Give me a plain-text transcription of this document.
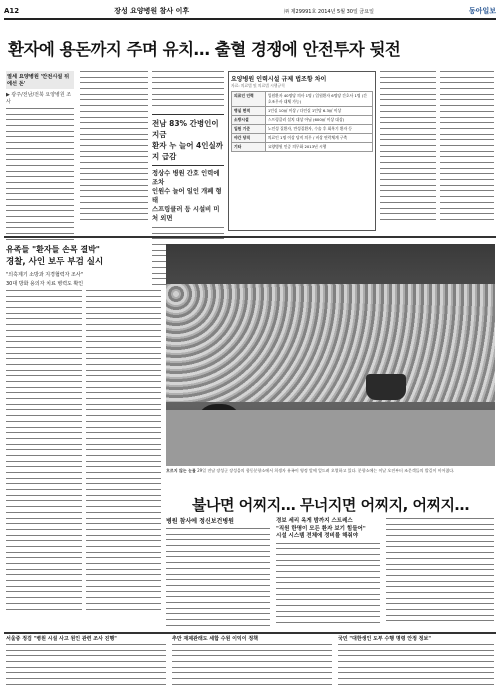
A12	장성 요양병원 참사 이후	㈜ 제29991호 2014년 5월 30일 금요일	동아일보
환자에 용돈까지 주며 유치… 출혈 경쟁에 안전투자 뒷전
열세 요양병원 '안전시설 뒤에선 돈'
▶ 광주/전남/전북 요양병원 조사
전남 83% 간병인이 지금
환자 누 늘어 4인실까지 급감
정상수 병원 간호 인력에 조차
인원수 늘어 일인 개폐 형태
스프링클러 등 시설비 미처 외면
요양병원 인력시설 규제 법조항 차이
자료: 의료법 및 의료법 시행규칙
의료인 인력	입원환자 40명당 의사 1명 / 입원환자 6명당 간호사 1명 (간호조무사 대체 가능)
병실 면적	1인실 10㎡ 이상 / 다인실 1인당 6.3㎡ 이상
소방시설	스프링클러 설치 대상 아님 (600㎡ 이상 대상)
입원 기준	노인성 질환자, 만성질환자, 수술 후 회복기 환자 등
야간 당직	의료인 1명 이상 당직 의무 / 비상 연락체계 구축
기타	요양병원 인증 의무화 2013년 시행
유족들 "환자들 손목 결박"
경찰, 사인 보두 부검 실시
"의혹제기 소방과 지경협력자 조사"
30대 방화 용의자 치료 병력도 확인
흐르지 않는 눈물 29일 전남 장성군 장성읍의 합동분향소에서 희생자 유족이 영정 앞에 엎드려 오열하고 있다. 분향소에는 이날 오전부터 조문객들의 발길이 이어졌다.
불나면 어찌지… 무너지면 어찌지, 어찌지…
병원 참사에 정신보건병원	경보 세리 옥게 밤까지 스트레스
"직원 한명이 모든 환자 보기 힘들어"
시설 시스템 전체에 정비를 해줘야
서울중 정검 "병원 시설 사고 원인 관련 조사 진행"	추만 재제관래도 세합 수원 이익이 정책	국민 "대한생인 도부 수행 명령 안정 정보"
